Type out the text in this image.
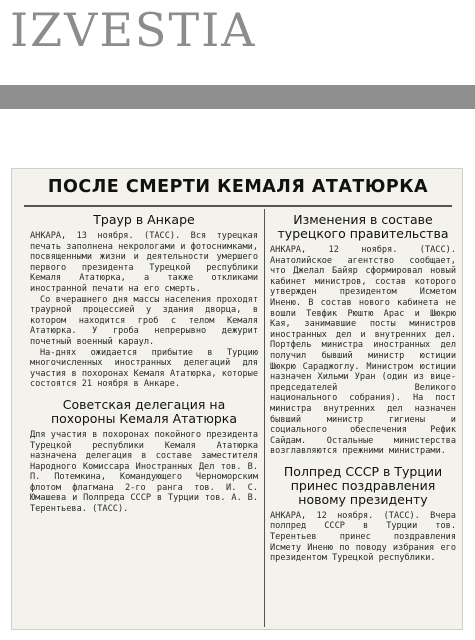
IZVESTIA
ПОСЛЕ СМЕРТИ КЕМАЛЯ АТАТЮРКА
Траур в Анкаре

АНКАРА, 13 ноября. (ТАСС). Вся турецкая печать заполнена некрологами и фотоснимками, посвященными жизни и деятельности умершего первого президента Турецкой республики Кемаля Ататюрка, а также откликами иностранной печати на его смерть.

Со вчерашнего дня массы населения проходят траурной процессией у здания дворца, в котором находится гроб с телом Кемаля Ататюрка. У гроба непрерывно дежурит почетный военный караул.

На-днях ожидается прибытие в Турцию многочисленных иностранных делегаций для участия в похоронах Кемаля Ататюрка, которые состоятся 21 ноября в Анкаре.

Советская делегация на похороны Кемаля Ататюрка

Для участия в похоронах покойного президента Турецкой республики Кемаля Ататюрка назначена делегация в составе заместителя Народного Комиссара Иностранных Дел тов. В. П. Потемкина, Командующего Черноморским флотом флагмана 2-го ранга тов. И. С. Юмашева и Полпреда СССР в Турции тов. А. В. Терентьева. (ТАСС).

Изменения в составе турецкого правительства

АНКАРА, 12 ноября. (ТАСС). Анатолийское агентство сообщает, что Джелал Байяр сформировал новый кабинет министров, состав которого утвержден президентом Исметом Иненю. В состав нового кабинета не вошли Тевфик Рюштю Арас и Шюкрю Кая, занимавшие посты министров иностранных дел и внутренних дел. Портфель министра иностранных дел получил бывший министр юстиции Шюкрю Сараджоглу. Министром юстиции назначен Хильми Уран (один из вице-председателей Великого национального собрания). На пост министра внутренних дел назначен бывший министр гигиены и социального обеспечения Рефик Сайдам. Остальные министерства возглавляются прежними министрами.

Полпред СССР в Турции принес поздравления новому президенту

АНКАРА, 12 ноября. (ТАСС). Вчера полпред СССР в Турции тов. Терентьев принес поздравления Исмету Иненю по поводу избрания его президентом Турецкой республики.
